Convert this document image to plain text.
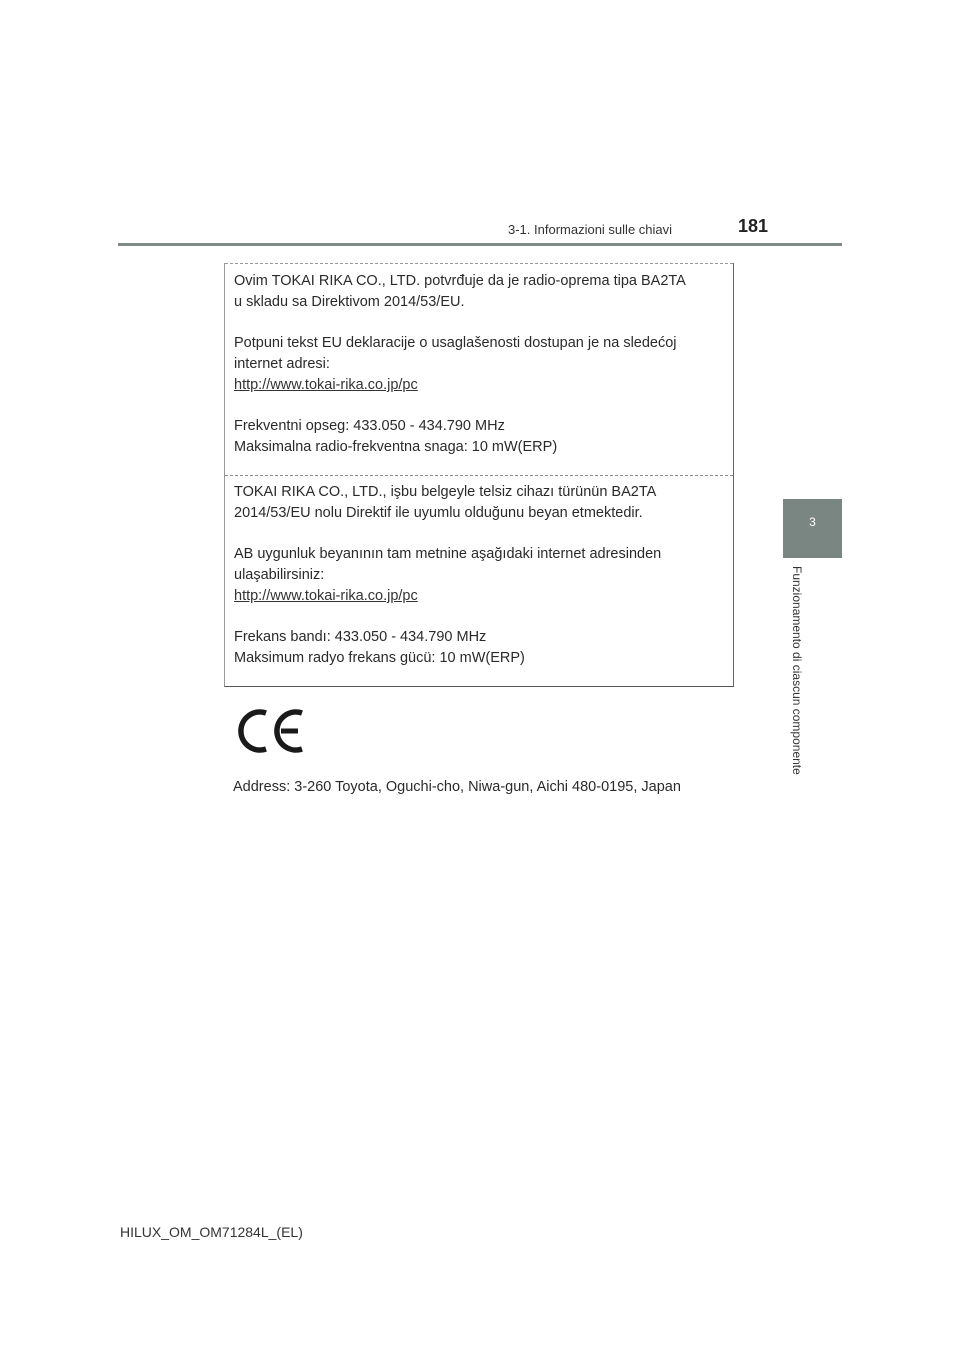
3-1. Informazioni sulle chiavi	181
3
Funzionamento di ciascun componente

Ovim TOKAI RIKA CO., LTD. potvrđuje da je radio-oprema tipa BA2TA

u skladu sa Direktivom 2014/53/EU.

Potpuni tekst EU deklaracije o usaglašenosti dostupan je na sledećoj

internet adresi:

http://www.tokai-rika.co.jp/pc

Frekventni opseg: 433.050 - 434.790 MHz

Maksimalna radio-frekventna snaga: 10 mW(ERP)

TOKAI RIKA CO., LTD., işbu belgeyle telsiz cihazı türünün BA2TA

2014/53/EU nolu Direktif ile uyumlu olduğunu beyan etmektedir.

AB uygunluk beyanının tam metnine aşağıdaki internet adresinden

ulaşabilirsiniz:

http://www.tokai-rika.co.jp/pc

Frekans bandı: 433.050 - 434.790 MHz

Maksimum radyo frekans gücü: 10 mW(ERP)

Address: 3-260 Toyota, Oguchi-cho, Niwa-gun, Aichi 480-0195, Japan
HILUX_OM_OM71284L_(EL)
